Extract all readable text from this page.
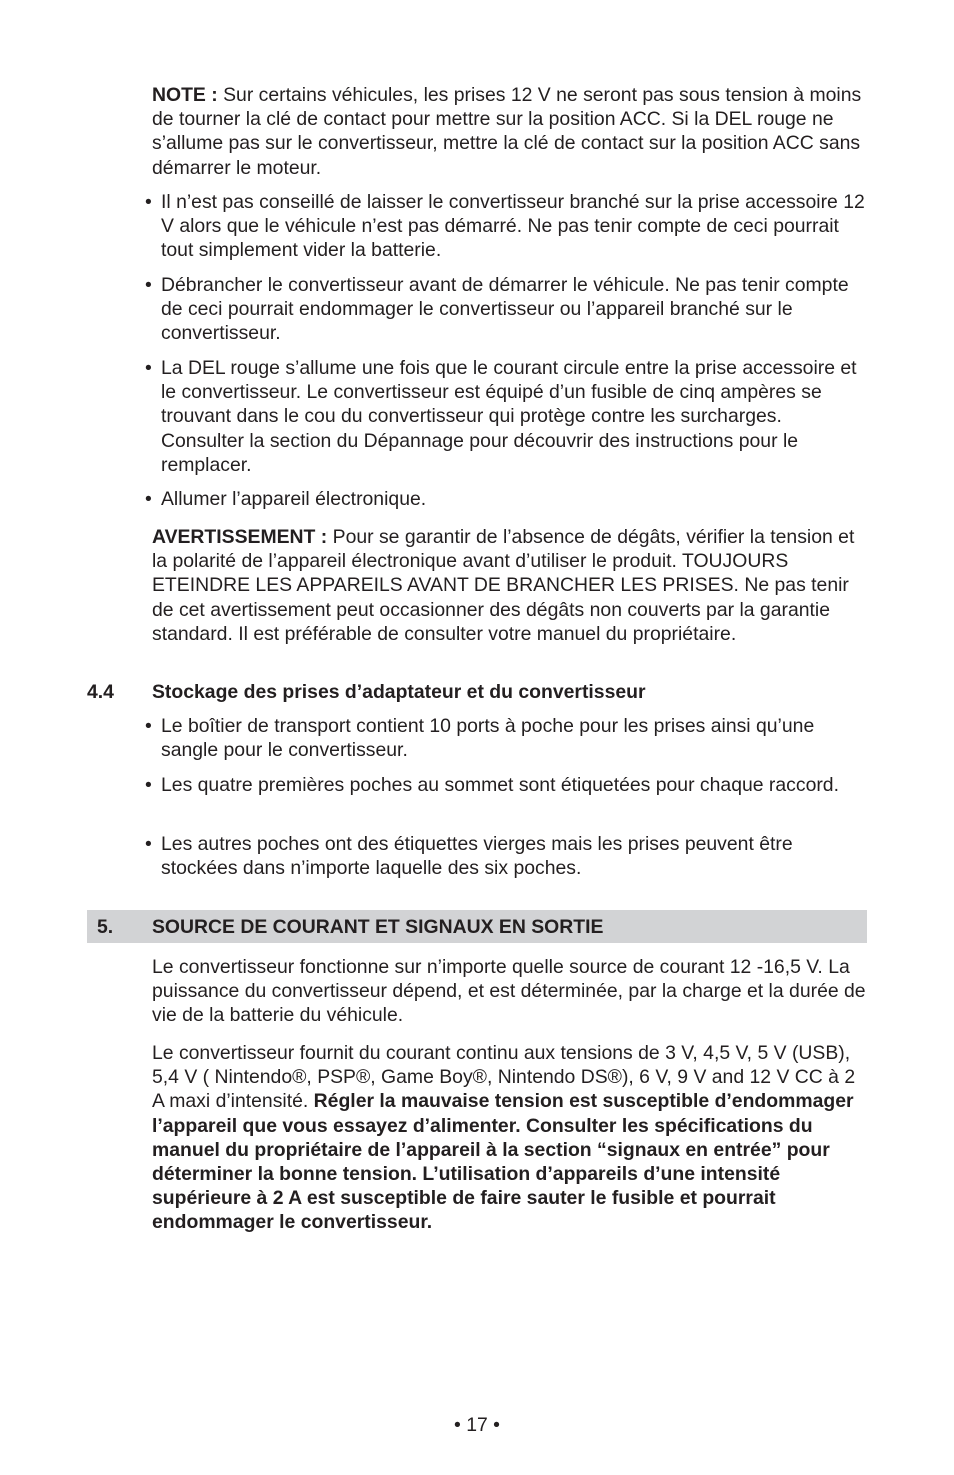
NOTE : Sur certains véhicules, les prises 12 V ne seront pas sous tension à moins de tourner la clé de contact pour mettre sur la position ACC. Si la DEL rouge ne s’allume pas sur le convertisseur, mettre la clé de contact sur la position ACC sans démarrer le moteur.

• Il n’est pas conseillé de laisser le convertisseur branché sur la prise accessoire 12 V alors que le véhicule n’est pas démarré. Ne pas tenir compte de ceci pourrait tout simplement vider la batterie.

• Débrancher le convertisseur avant de démarrer le véhicule. Ne pas tenir compte de ceci pourrait endommager le convertisseur ou l’appareil branché sur le convertisseur.

• La DEL rouge s’allume une fois que le courant circule entre la prise accessoire et le convertisseur. Le convertisseur est équipé d’un fusible de cinq ampères se trouvant dans le cou du convertisseur qui protège contre les surcharges. Consulter la section du Dépannage pour découvrir des instructions pour le remplacer.

• Allumer l’appareil électronique.

AVERTISSEMENT : Pour se garantir de l’absence de dégâts, vérifier la tension et la polarité de l’appareil électronique avant d’utiliser le produit. TOUJOURS ETEINDRE LES APPAREILS AVANT DE BRANCHER LES PRISES. Ne pas tenir de cet avertissement peut occasionner des dégâts non couverts par la garantie standard. Il est préférable de consulter votre manuel du propriétaire.

4.4 Stockage des prises d’adaptateur et du convertisseur

• Le boîtier de transport contient 10 ports à poche pour les prises ainsi qu’une sangle pour le convertisseur.

• Les quatre premières poches au sommet sont étiquetées pour chaque raccord.

• Les autres poches ont des étiquettes vierges mais les prises peuvent être stockées dans n’importe laquelle des six poches.

5. SOURCE DE COURANT ET SIGNAUX EN SORTIE

Le convertisseur fonctionne sur n’importe quelle source de courant 12 -16,5 V. La puissance du convertisseur dépend, et est déterminée, par la charge et la durée de vie de la batterie du véhicule.

Le convertisseur fournit du courant continu aux tensions de 3 V, 4,5 V, 5 V (USB), 5,4 V ( Nintendo®, PSP®, Game Boy®, Nintendo DS®), 6 V, 9 V and 12 V CC à 2 A maxi d’intensité. Régler la mauvaise tension est susceptible d’endommager l’appareil que vous essayez d’alimenter. Consulter les spécifications du manuel du propriétaire de l’appareil à la section “signaux en entrée” pour déterminer la bonne tension. L’utilisation d’appareils d’une intensité supérieure à 2 A est susceptible de faire sauter le fusible et pourrait endommager le convertisseur.

• 17 •
